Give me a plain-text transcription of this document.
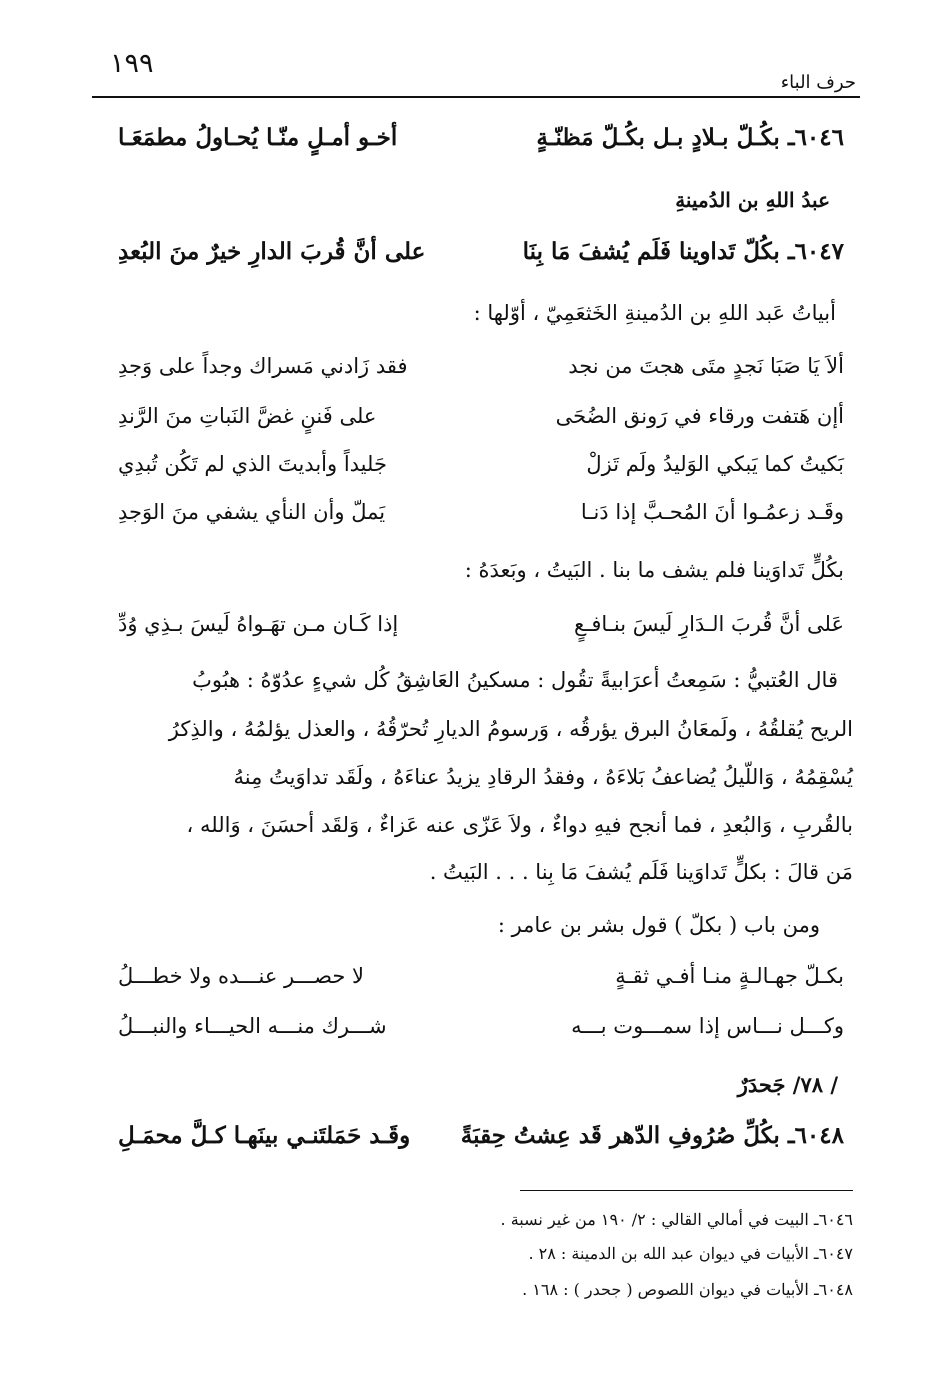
١٩٩
حرف الباء
٦٠٤٦ـ بكُـلّ بـلادٍ بـل بكُـلّ مَظنّـةٍ
أخـو أمـلٍ منّـا يُحـاولُ مطمَعَـا
عبدُ اللهِ بن الدُمينةِ
٦٠٤٧ـ بكُلّ تَداوينا فَلَم يُشفَ مَا بِنَا
على أنَّ قُربَ الدارِ خيرٌ منَ البُعدِ
أبياتُ عَبد اللهِ بن الدُمينةِ الخَثعَمِيّ ، أوّلها :
ألاَ يَا صَبَا نَجدٍ متَى هجتَ من نجد
فقد زَادني مَسراك وجداً على وَجدِ
أإن هَتفت ورقاء في رَونق الضُحَى
على فَننٍ غضَّ النَباتِ منَ الرَّندِ
بَكيتُ كما يَبكي الوَليدُ ولَم تَزلْ
جَليداً وأبديتَ الذي لم تَكُن تُبدِي
وقَـد زعمُـوا أنَ المُحـبَّ إذا دَنـا
يَملّ وأن النأي يشفي منَ الوَجدِ
بكُلٍّ تَداوَينا فلم يشف ما بنا . البَيتُ ، وبَعدَهُ :
عَلى أنَّ قُربَ الـدَارِ لَيسَ بنـافـعٍ
إذا كَـان مـن تهَـواهُ لَيسَ بـذِي وُدِّ
قال العُتبيُّ : سَمِعتُ أعرَابيةً تقُول : مسكينُ العَاشِقُ كُل شيءٍ عدُوّهُ : هبُوبُ
الريح يُقلقُهُ ، ولَمعَانُ البرق يؤرقُه ، وَرسومُ الديارِ تُحرّقُهُ ، والعذل يؤلمُهُ ، والذِكرُ
يُسْقِمُهُ ، وَاللّيلُ يُضاعفُ بَلاءَهُ ، وفقدُ الرقادِ يزيدُ عناءَهُ ، ولَقَد تداوَيتُ مِنهُ
بالقُربِ ، وَالبُعدِ ، فما أنجح فيهِ دواءٌ ، ولاَ عَزّى عنه عَزاءٌ ، وَلقَد أحسَنَ ، وَالله ،
مَن قالَ : بكلٍّ تَداوَينا فَلَم يُشفَ مَا بِنا . . . البَيتُ .
ومن باب ( بكلّ ) قول بشر بن عامر :
بكـلّ جهـالـةٍ منـا أفـي ثقـةٍ
لا حصـــر عنـــده ولا خطـــلُ
وكـــل نـــاس إذا سمـــوت بـــه
شـــرك منـــه الحيـــاء والنبـــلُ
/ ٧٨/ جَحدَرٌ
٦٠٤٨ـ بكُلِّ صُرُوفِ الدّهر قَد عِشتُ حِقبَةً
وقَـد حَمَلتَنـي بينَهـا كـلَّ محمَـلِ
٦٠٤٦ـ البيت في أمالي القالي : ٢/ ١٩٠ من غير نسبة .
٦٠٤٧ـ الأبيات في ديوان عبد الله بن الدمينة : ٢٨ .
٦٠٤٨ـ الأبيات في ديوان اللصوص ( جحدر ) : ١٦٨ .
